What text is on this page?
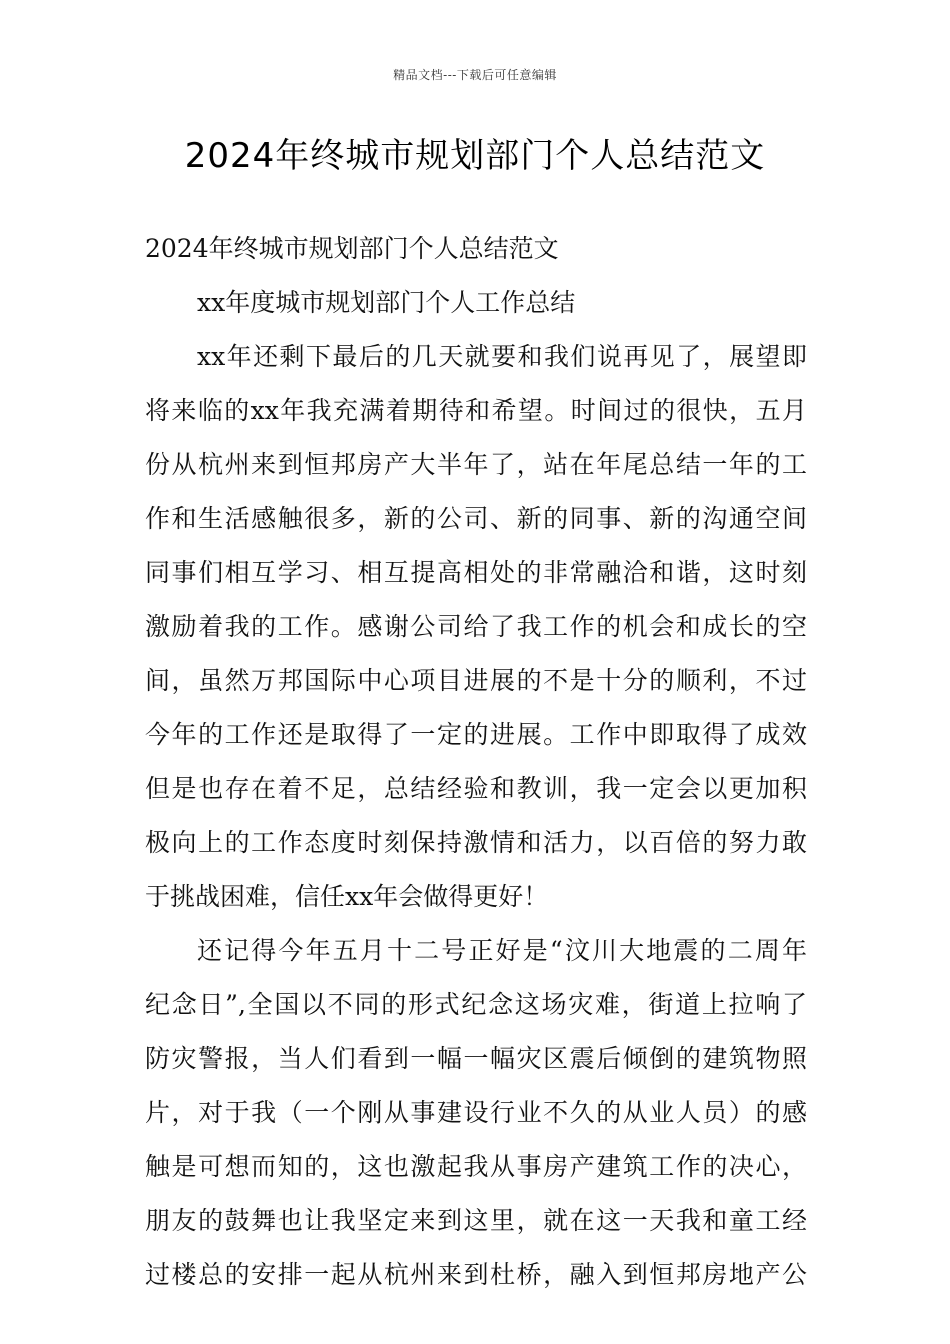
精品文档---下载后可任意编辑
2024年终城市规划部门个人总结范文
2024年终城市规划部门个人总结范文
xx年度城市规划部门个人工作总结
xx年还剩下最后的几天就要和我们说再见了，展望即
将来临的xx年我充满着期待和希望。时间过的很快，五月
份从杭州来到恒邦房产大半年了，站在年尾总结一年的工
作和生活感触很多，新的公司、新的同事、新的沟通空间
同事们相互学习、相互提高相处的非常融洽和谐，这时刻
激励着我的工作。感谢公司给了我工作的机会和成长的空
间，虽然万邦国际中心项目进展的不是十分的顺利，不过
今年的工作还是取得了一定的进展。工作中即取得了成效
但是也存在着不足，总结经验和教训，我一定会以更加积
极向上的工作态度时刻保持激情和活力，以百倍的努力敢
于挑战困难，信任xx年会做得更好！
还记得今年五月十二号正好是“汶川大地震的二周年
纪念日”,全国以不同的形式纪念这场灾难，街道上拉响了
防灾警报，当人们看到一幅一幅灾区震后倾倒的建筑物照
片，对于我（一个刚从事建设行业不久的从业人员）的感
触是可想而知的，这也激起我从事房产建筑工作的决心，
朋友的鼓舞也让我坚定来到这里，就在这一天我和童工经
过楼总的安排一起从杭州来到杜桥，融入到恒邦房地产公
